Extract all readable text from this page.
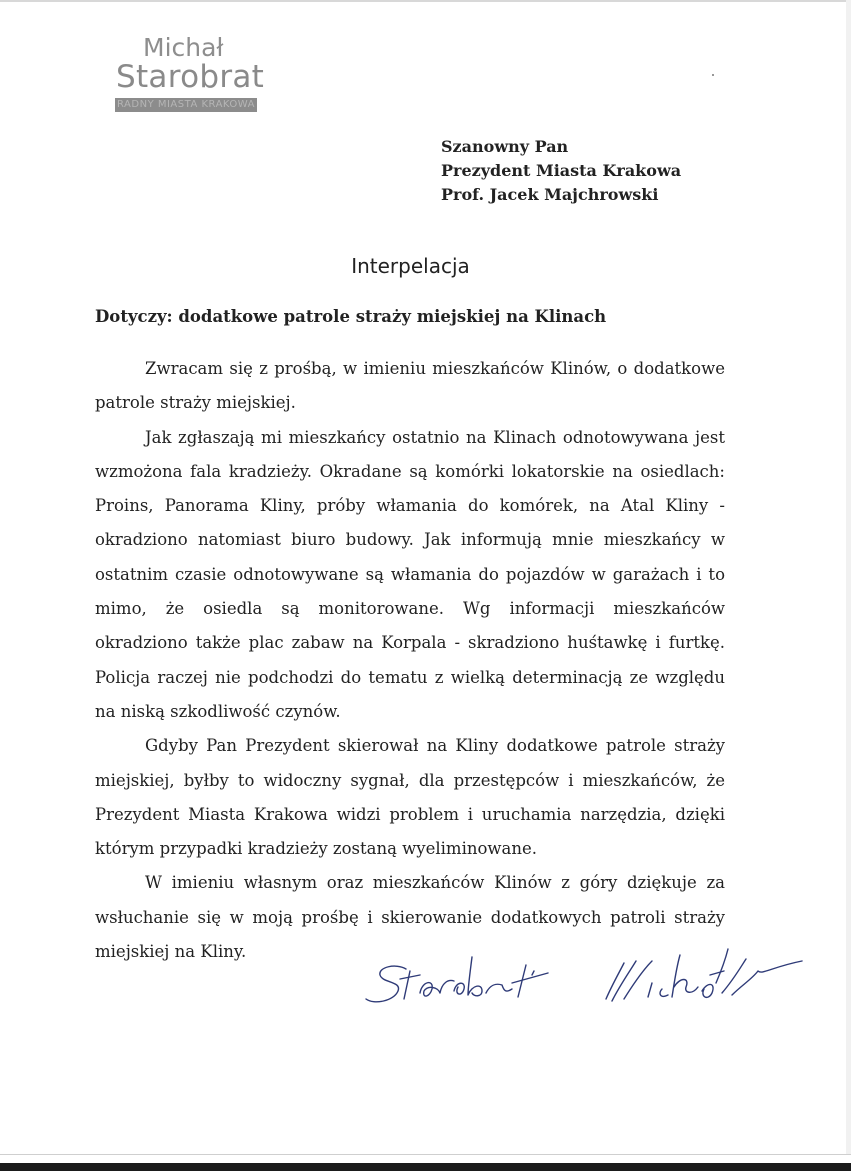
Michał
Starobrat
RADNY MIASTA KRAKOWA
Szanowny Pan
Prezydent Miasta Krakowa
Prof. Jacek Majchrowski
Interpelacja
Dotyczy: dodatkowe patrole straży miejskiej na Klinach

Zwracam się z prośbą, w imieniu mieszkańców Klinów, o dodatkowe patrole straży miejskiej.

Jak zgłaszają mi mieszkańcy ostatnio na Klinach odnotowywana jest wzmożona fala kradzieży. Okradane są komórki lokatorskie na osiedlach: Proins, Panorama Kliny, próby włamania do komórek, na Atal Kliny - okradziono natomiast biuro budowy. Jak informują mnie mieszkańcy w ostatnim czasie odnotowywane są włamania do pojazdów w garażach i to mimo, że osiedla są monitorowane. Wg informacji mieszkańców okradziono także plac zabaw na Korpala - skradziono huśtawkę i furtkę. Policja raczej nie podchodzi do tematu z wielką determinacją ze względu na niską szkodliwość czynów.

Gdyby Pan Prezydent skierował na Kliny dodatkowe patrole straży miejskiej, byłby to widoczny sygnał, dla przestępców i mieszkańców, że Prezydent Miasta Krakowa widzi problem i uruchamia narzędzia, dzięki którym przypadki kradzieży zostaną wyeliminowane.

W imieniu własnym oraz mieszkańców Klinów z góry dziękuje za wsłuchanie się w moją prośbę i skierowanie dodatkowych patroli straży miejskiej na Kliny.
